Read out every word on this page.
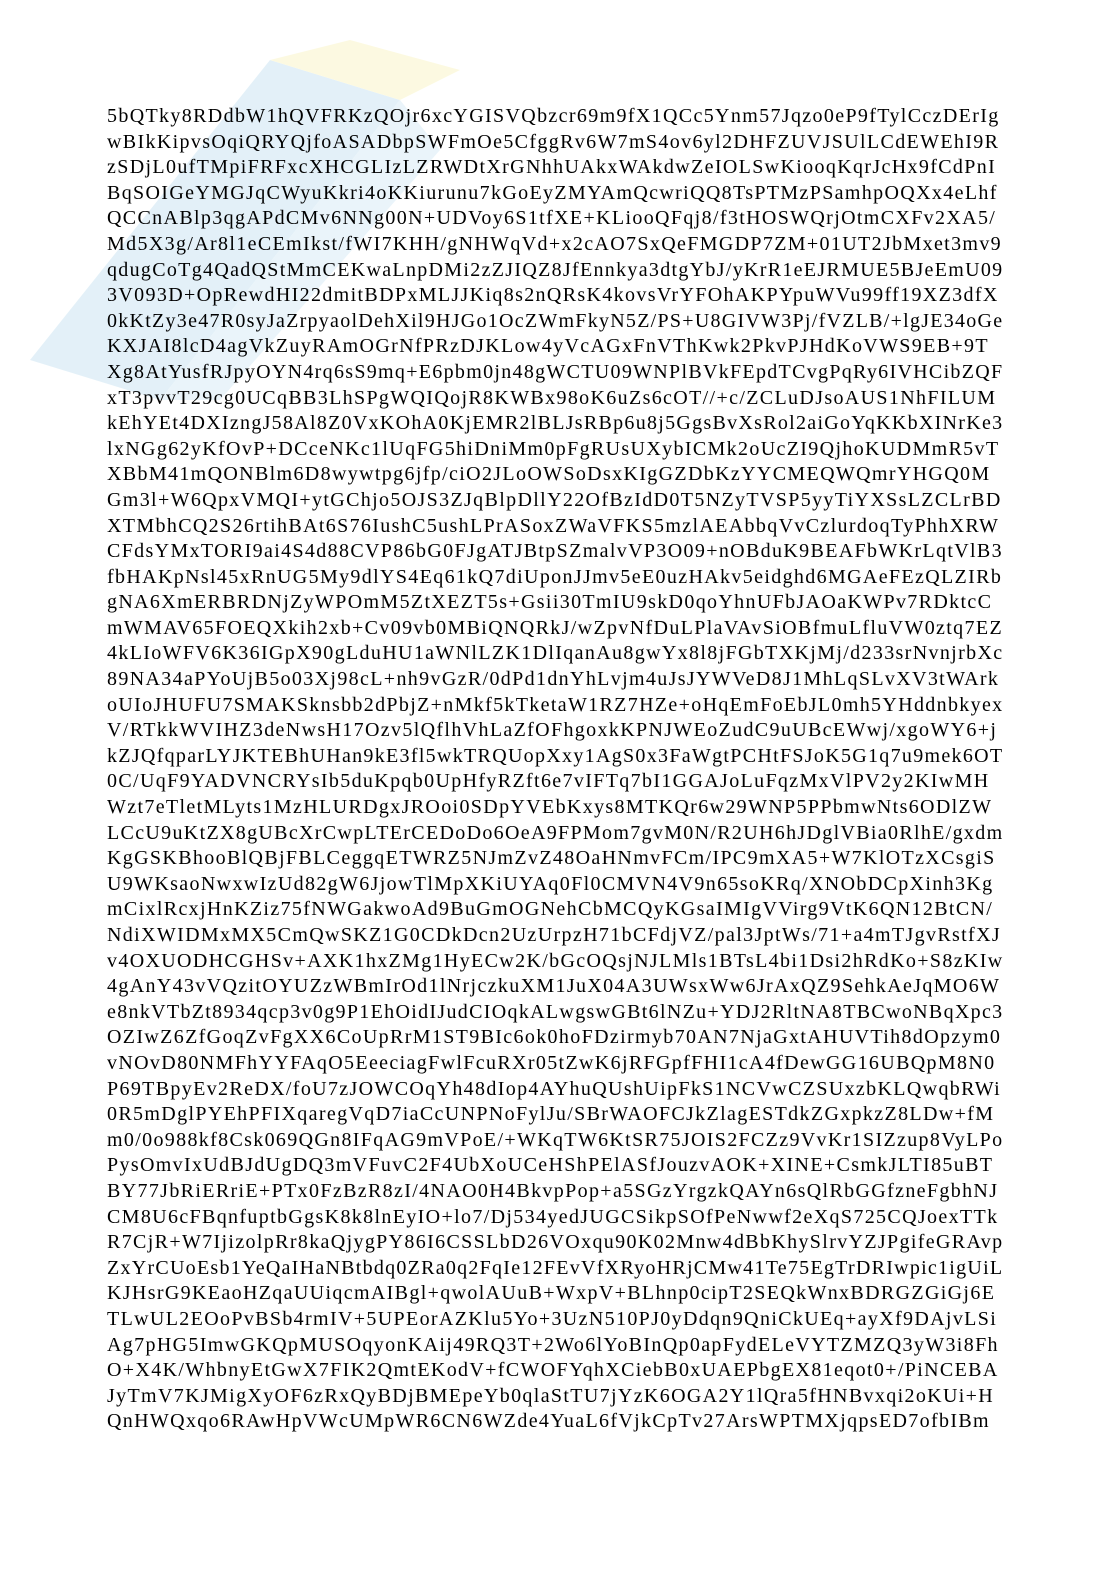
5bQTky8RDdbW1hQVFRKzQOjr6xcYGISVQbzcr69m9fX1QCc5Ynm57Jqzo0eP9fTylCczDErIg
wBIkKipvsOqiQRYQjfoASADbpSWFmOe5CfggRv6W7mS4ov6yl2DHFZUVJSUlLCdEWEhI9R
zSDjL0ufTMpiFRFxcXHCGLIzLZRWDtXrGNhhUAkxWAkdwZeIOLSwKiooqKqrJcHx9fCdPnI
BqSOIGeYMGJqCWyuKkri4oKKiurunu7kGoEyZMYAmQcwriQQ8TsPTMzPSamhpOQXx4eLhf
QCCnABlp3qgAPdCMv6NNg00N+UDVoy6S1tfXE+KLiooQFqj8/f3tHOSWQrjOtmCXFv2XA5/
Md5X3g/Ar8l1eCEmIkst/fWI7KHH/gNHWqVd+x2cAO7SxQeFMGDP7ZM+01UT2JbMxet3mv9
qdugCoTg4QadQStMmCEKwaLnpDMi2zZJIQZ8JfEnnkya3dtgYbJ/yKrR1eEJRMUE5BJeEmU09
3V093D+OpRewdHI22dmitBDPxMLJJKiq8s2nQRsK4kovsVrYFOhAKPYpuWVu99ff19XZ3dfX
0kKtZy3e47R0syJaZrpyaolDehXil9HJGo1OcZWmFkyN5Z/PS+U8GIVW3Pj/fVZLB/+lgJE34oGe
KXJAI8lcD4agVkZuyRAmOGrNfPRzDJKLow4yVcAGxFnVThKwk2PkvPJHdKoVWS9EB+9T
Xg8AtYusfRJpyOYN4rq6sS9mq+E6pbm0jn48gWCTU09WNPlBVkFEpdTCvgPqRy6IVHCibZQF
xT3pvvT29cg0UCqBB3LhSPgWQIQojR8KWBx98oK6uZs6cOT//+c/ZCLuDJsoAUS1NhFILUM
kEhYEt4DXIzngJ58Al8Z0VxKOhA0KjEMR2lBLJsRBp6u8j5GgsBvXsRol2aiGoYqKKbXINrKe3
lxNGg62yKfOvP+DCceNKc1lUqFG5hiDniMm0pFgRUsUXybICMk2oUcZI9QjhoKUDMmR5vT
XBbM41mQONBlm6D8wywtpg6jfp/ciO2JLoOWSoDsxKIgGZDbKzYYCMEQWQmrYHGQ0M
Gm3l+W6QpxVMQI+ytGChjo5OJS3ZJqBlpDllY22OfBzIdD0T5NZyTVSP5yyTiYXSsLZCLrBD
XTMbhCQ2S26rtihBAt6S76IushC5ushLPrASoxZWaVFKS5mzlAEAbbqVvCzlurdoqTyPhhXRW
CFdsYMxTORI9ai4S4d88CVP86bG0FJgATJBtpSZmalvVP3O09+nOBduK9BEAFbWKrLqtVlB3
fbHAKpNsl45xRnUG5My9dlYS4Eq61kQ7diUponJJmv5eE0uzHAkv5eidghd6MGAeFEzQLZIRb
gNA6XmERBRDNjZyWPOmM5ZtXEZT5s+Gsii30TmIU9skD0qoYhnUFbJAOaKWPv7RDktcC
mWMAV65FOEQXkih2xb+Cv09vb0MBiQNQRkJ/wZpvNfDuLPlaVAvSiOBfmuLfluVW0ztq7EZ
4kLIoWFV6K36IGpX90gLduHU1aWNlLZK1DlIqanAu8gwYx8l8jFGbTXKjMj/d233srNvnjrbXc
89NA34aPYoUjB5o03Xj98cL+nh9vGzR/0dPd1dnYhLvjm4uJsJYWVeD8J1MhLqSLvXV3tWArk
oUIoJHUFU7SMAKSknsbb2dPbjZ+nMkf5kTketaW1RZ7HZe+oHqEmFoEbJL0mh5YHddnbkyex
V/RTkkWVIHZ3deNwsH17Ozv5lQflhVhLaZfOFhgoxkKPNJWEoZudC9uUBcEWwj/xgoWY6+j
kZJQfqparLYJKTEBhUHan9kE3fl5wkTRQUopXxy1AgS0x3FaWgtPCHtFSJoK5G1q7u9mek6OT
0C/UqF9YADVNCRYsIb5duKpqb0UpHfyRZft6e7vIFTq7bI1GGAJoLuFqzMxVlPV2y2KIwMH
Wzt7eTletMLyts1MzHLURDgxJROoi0SDpYVEbKxys8MTKQr6w29WNP5PPbmwNts6ODlZW
LCcU9uKtZX8gUBcXrCwpLTErCEDoDo6OeA9FPMom7gvM0N/R2UH6hJDglVBia0RlhE/gxdm
KgGSKBhooBlQBjFBLCeggqETWRZ5NJmZvZ48OaHNmvFCm/IPC9mXA5+W7KlOTzXCsgiS
U9WKsaoNwxwIzUd82gW6JjowTlMpXKiUYAq0Fl0CMVN4V9n65soKRq/XNObDCpXinh3Kg
mCixlRcxjHnKZiz75fNWGakwoAd9BuGmOGNehCbMCQyKGsaIMIgVVirg9VtK6QN12BtCN/
NdiXWIDMxMX5CmQwSKZ1G0CDkDcn2UzUrpzH71bCFdjVZ/pal3JptWs/71+a4mTJgvRstfXJ
v4OXUODHCGHSv+AXK1hxZMg1HyECw2K/bGcOQsjNJLMls1BTsL4bi1Dsi2hRdKo+S8zKIw
4gAnY43vVQzitOYUZzWBmIrOd1lNrjczkuXM1JuX04A3UWsxWw6JrAxQZ9SehkAeJqMO6W
e8nkVTbZt8934qcp3v0g9P1EhOidIJudCIOqkALwgswGBt6lNZu+YDJ2RltNA8TBCwoNBqXpc3
OZIwZ6ZfGoqZvFgXX6CoUpRrM1ST9BIc6ok0hoFDzirmyb70AN7NjaGxtAHUVTih8dOpzym0
vNOvD80NMFhYYFAqO5EeeciagFwlFcuRXr05tZwK6jRFGpfFHI1cA4fDewGG16UBQpM8N0
P69TBpyEv2ReDX/foU7zJOWCOqYh48dIop4AYhuQUshUipFkS1NCVwCZSUxzbKLQwqbRWi
0R5mDglPYEhPFIXqaregVqD7iaCcUNPNoFylJu/SBrWAOFCJkZlagESTdkZGxpkzZ8LDw+fM
m0/0o988kf8Csk069QGn8IFqAG9mVPoE/+WKqTW6KtSR75JOIS2FCZz9VvKr1SIZzup8VyLPo
PysOmvIxUdBJdUgDQ3mVFuvC2F4UbXoUCeHShPElASfJouzvAOK+XINE+CsmkJLTI85uBT
BY77JbRiERriE+PTx0FzBzR8zI/4NAO0H4BkvpPop+a5SGzYrgzkQAYn6sQlRbGGfzneFgbhNJ
CM8U6cFBqnfuptbGgsK8k8lnEyIO+lo7/Dj534yedJUGCSikpSOfPeNwwf2eXqS725CQJoexTTk
R7CjR+W7IjizolpRr8kaQjygPY86I6CSSLbD26VOxqu90K02Mnw4dBbKhySlrvYZJPgifeGRAvp
ZxYrCUoEsb1YeQaIHaNBtbdq0ZRa0q2FqIe12FEvVfXRyoHRjCMw41Te75EgTrDRIwpic1igUiL
KJHsrG9KEaoHZqaUUiqcmAIBgl+qwolAUuB+WxpV+BLhnp0cipT2SEQkWnxBDRGZGiGj6E
TLwUL2EOoPvBSb4rmIV+5UPEorAZKlu5Yo+3UzN510PJ0yDdqn9QniCkUEq+ayXf9DAjvLSi
Ag7pHG5ImwGKQpMUSOqyonKAij49RQ3T+2Wo6lYoBInQp0apFydELeVYTZMZQ3yW3i8Fh
O+X4K/WhbnyEtGwX7FIK2QmtEKodV+fCWOFYqhXCiebB0xUAEPbgEX81eqot0+/PiNCEBA
JyTmV7KJMigXyOF6zRxQyBDjBMEpeYb0qlaStTU7jYzK6OGA2Y1lQra5fHNBvxqi2oKUi+H
QnHWQxqo6RAwHpVWcUMpWR6CN6WZde4YuaL6fVjkCpTv27ArsWPTMXjqpsED7ofbIBm
